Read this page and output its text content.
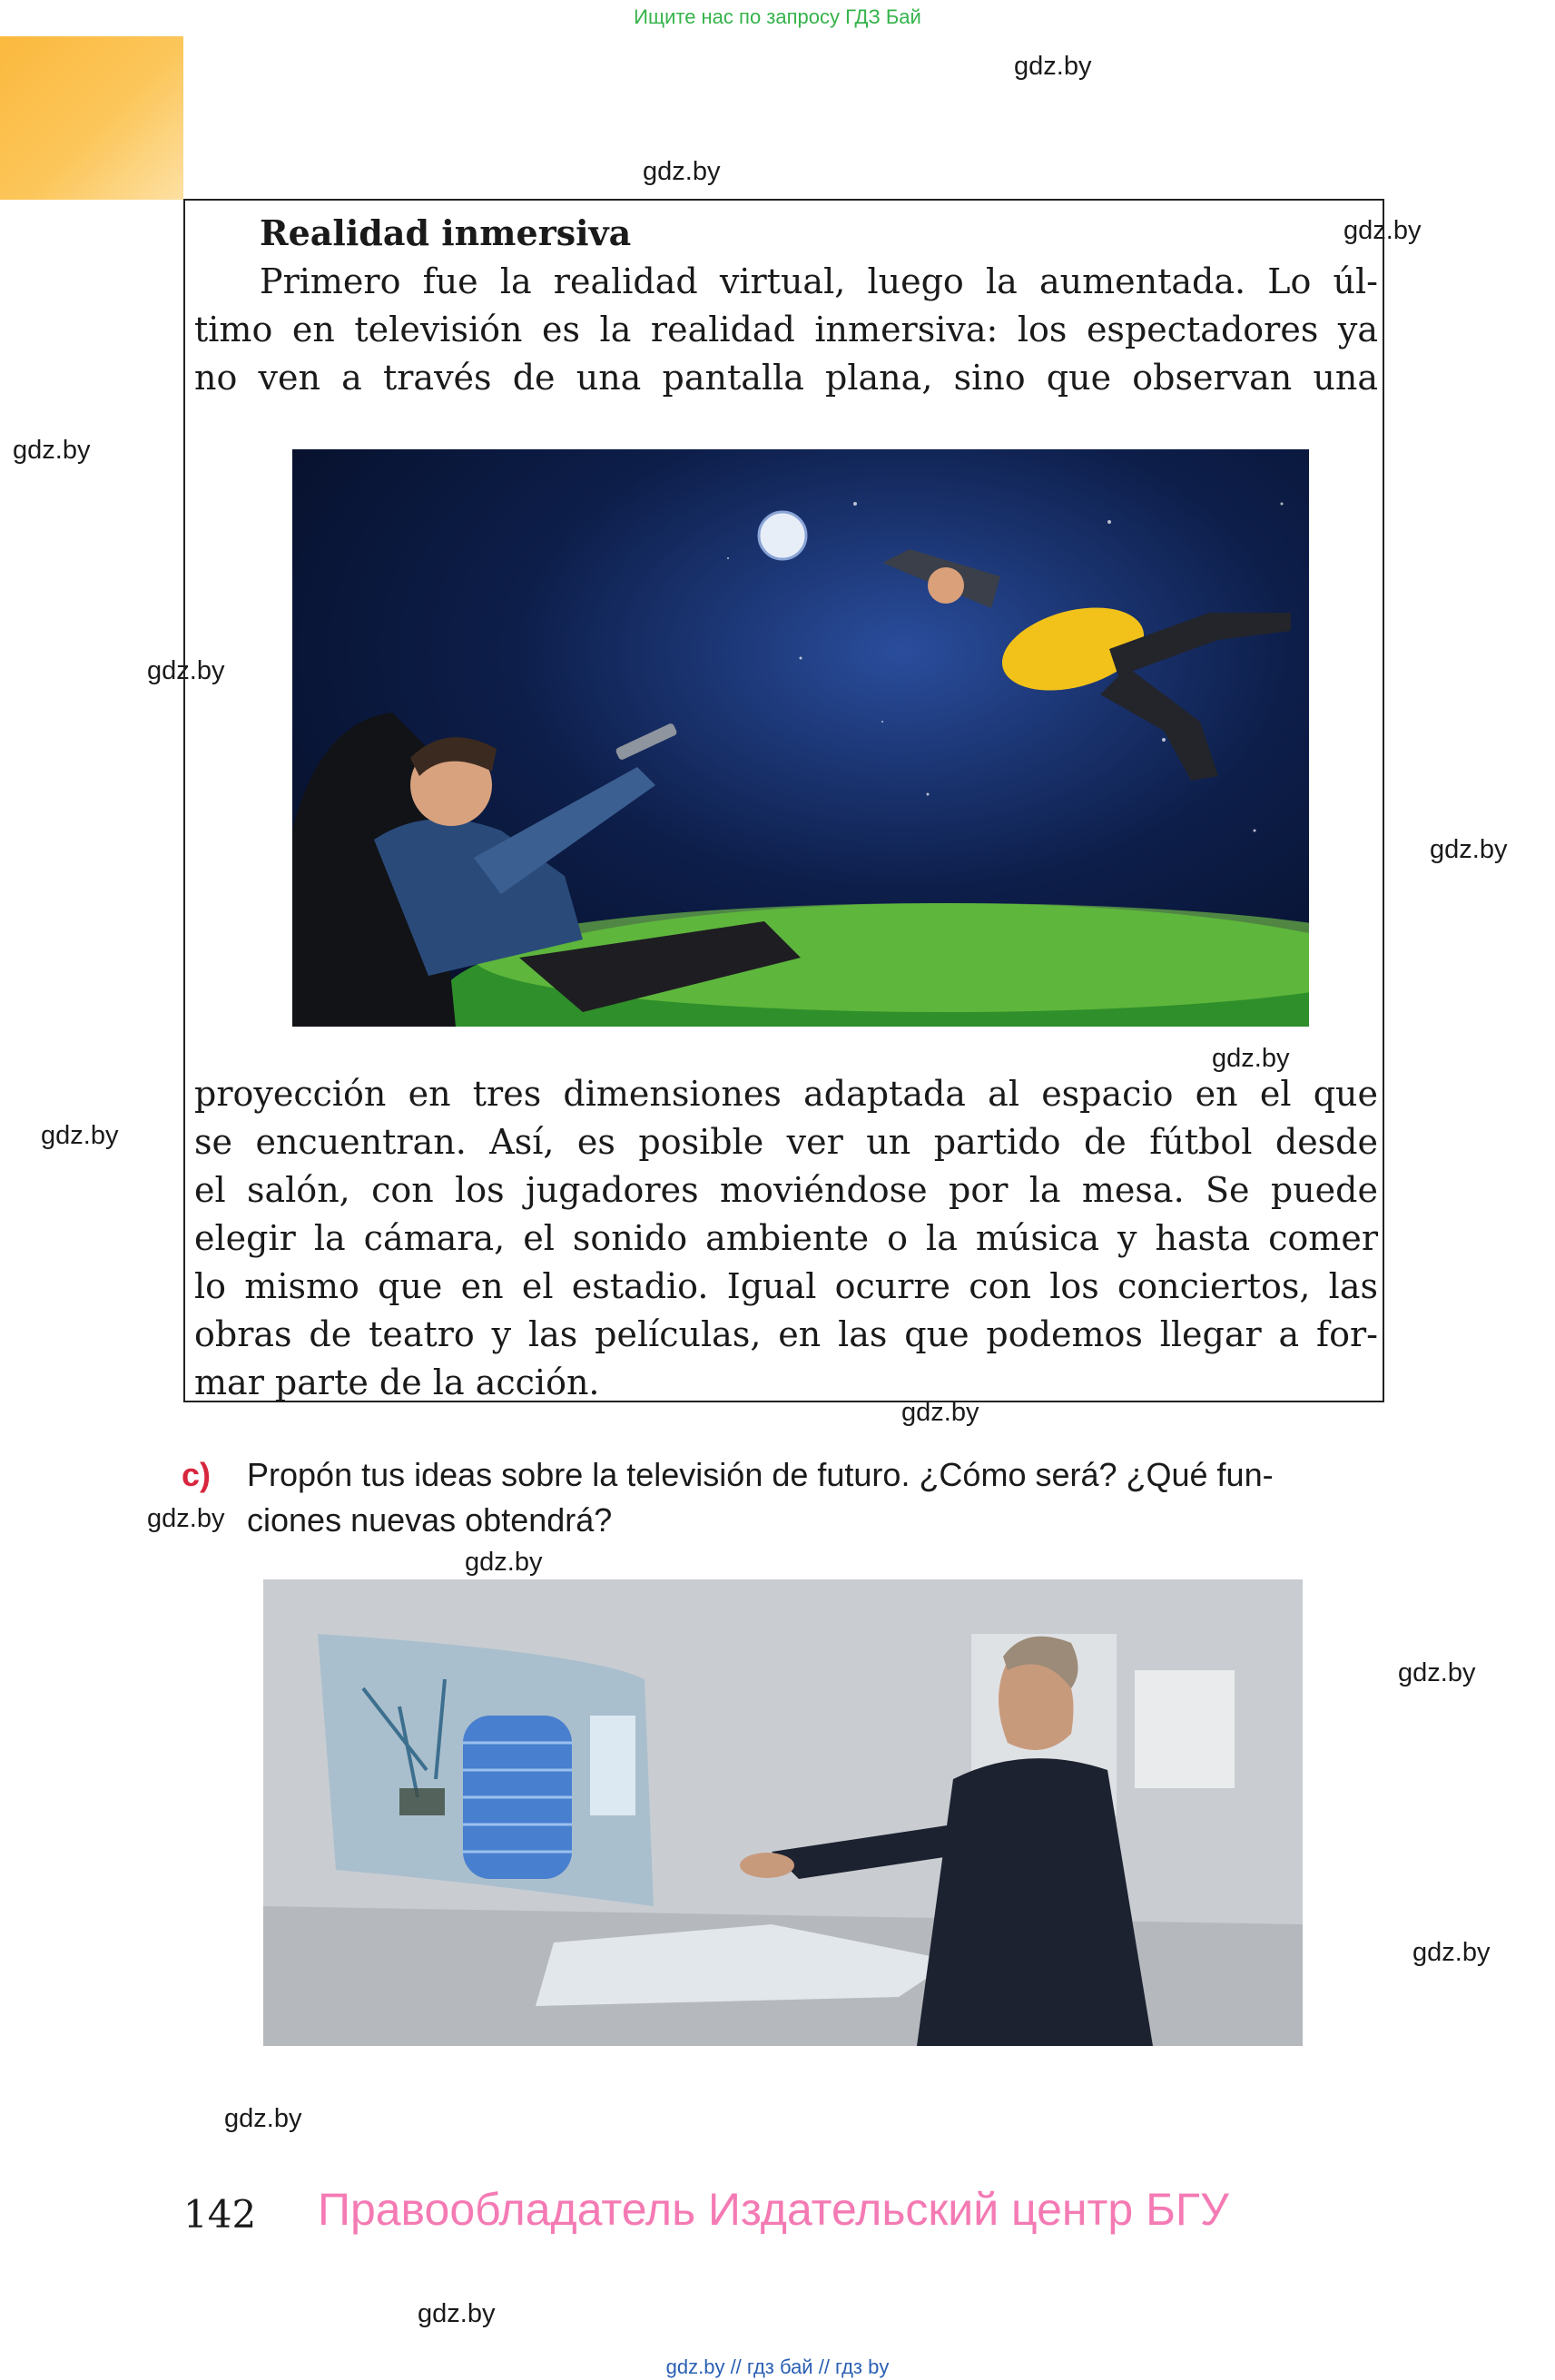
Ищите нас по запросу ГДЗ Бай
gdz.by
gdz.by
gdz.by
gdz.by
gdz.by
gdz.by
gdz.by
gdz.by
gdz.by
gdz.by
gdz.by
gdz.by
gdz.by
gdz.by
gdz.by
Realidad inmersiva
Primero fue la realidad virtual, luego la aumentada. Lo úl-
timo en televisión es la realidad inmersiva: los espectadores ya
no ven a través de una pantalla plana, sino que observan una
proyección en tres dimensiones adaptada al espacio en el que
se encuentran. Así, es posible ver un partido de fútbol desde
el salón, con los jugadores moviéndose por la mesa. Se puede
elegir la cámara, el sonido ambiente o la música y hasta comer
lo mismo que en el estadio. Igual ocurre con los conciertos, las
obras de teatro y las películas, en las que podemos llegar a for-
mar parte de la acción.
c) Propón tus ideas sobre la televisión de futuro. ¿Cómo será? ¿Qué fun-
ciones nuevas obtendrá?
142 Правообладатель Издательский центр БГУ
gdz.by // гдз бай // гдз by
